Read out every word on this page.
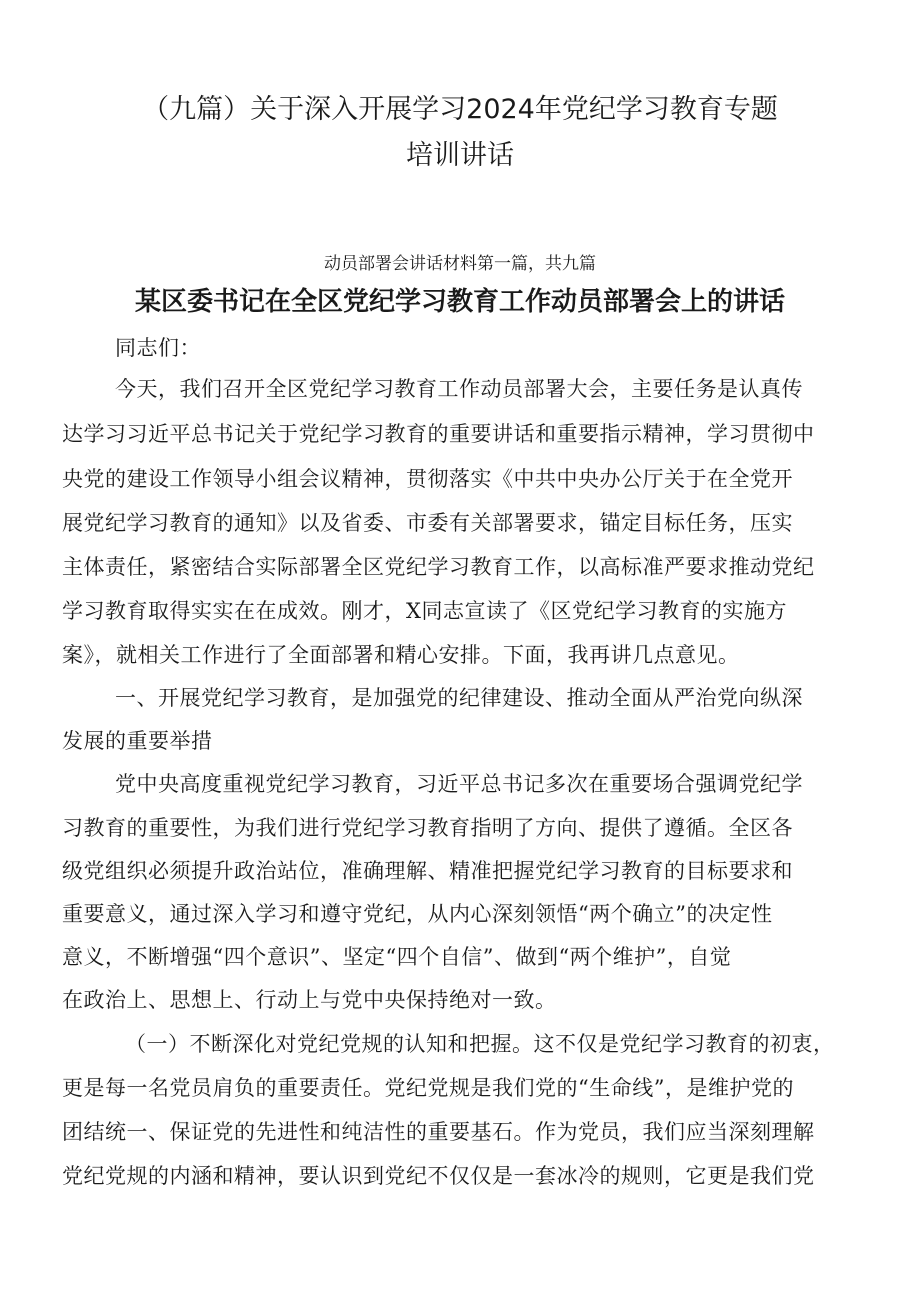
（九篇）关于深入开展学习2024年党纪学习教育专题
培训讲话
动员部署会讲话材料第一篇，共九篇
某区委书记在全区党纪学习教育工作动员部署会上的讲话
同志们：
今天，我们召开全区党纪学习教育工作动员部署大会，主要任务是认真传
达学习习近平总书记关于党纪学习教育的重要讲话和重要指示精神，学习贯彻中
央党的建设工作领导小组会议精神，贯彻落实《中共中央办公厅关于在全党开
展党纪学习教育的通知》以及省委、市委有关部署要求，锚定目标任务，压实
主体责任，紧密结合实际部署全区党纪学习教育工作，以高标准严要求推动党纪
学习教育取得实实在在成效。刚才，X同志宣读了《区党纪学习教育的实施方
案》，就相关工作进行了全面部署和精心安排。下面，我再讲几点意见。
一、开展党纪学习教育，是加强党的纪律建设、推动全面从严治党向纵深
发展的重要举措
党中央高度重视党纪学习教育，习近平总书记多次在重要场合强调党纪学
习教育的重要性，为我们进行党纪学习教育指明了方向、提供了遵循。全区各
级党组织必须提升政治站位，准确理解、精准把握党纪学习教育的目标要求和
重要意义，通过深入学习和遵守党纪，从内心深刻领悟“两个确立”的决定性
意义，不断增强“四个意识”、坚定“四个自信”、做到“两个维护”，自觉
在政治上、思想上、行动上与党中央保持绝对一致。
（一）不断深化对党纪党规的认知和把握。这不仅是党纪学习教育的初衷，
更是每一名党员肩负的重要责任。党纪党规是我们党的“生命线”，是维护党的
团结统一、保证党的先进性和纯洁性的重要基石。作为党员，我们应当深刻理解
党纪党规的内涵和精神，要认识到党纪不仅仅是一套冰冷的规则，它更是我们党
